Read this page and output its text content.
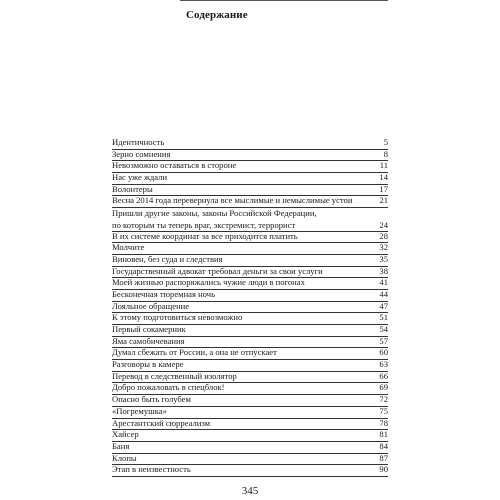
Содержание
Идентичность	5
Зерно сомнения	8
Невозможно оставаться в стороне	11
Нас уже ждали	14
Волонтеры	17
Весна 2014 года перевернула все мыслимые и немыслимые устои	21
Пришли другие законы, законы Российской Федерации,
по которым ты теперь враг, экстремист, террорист	24
В их системе координат за все приходится платить	28
Молчите	32
Виновен, без суда и следствия	35
Государственный адвокат требовал деньги за свои услуги	38
Моей жизнью распоряжались чужие люди в погонах	41
Бесконечная тюремная ночь	44
Лояльное обращение	47
К этому подготовиться невозможно	51
Первый сокамерник	54
Яма самобичевания	57
Думал сбежать от России, а она не отпускает	60
Разговоры в камере	63
Перевод в следственный изолятор	66
Добро пожаловать в спецблок!	69
Опасно быть голубем	72
«Погремушка»	75
Арестантский сюрреализм	78
Хайсер	81
Баня	84
Клопы	87
Этап в неизвестность	90
345
